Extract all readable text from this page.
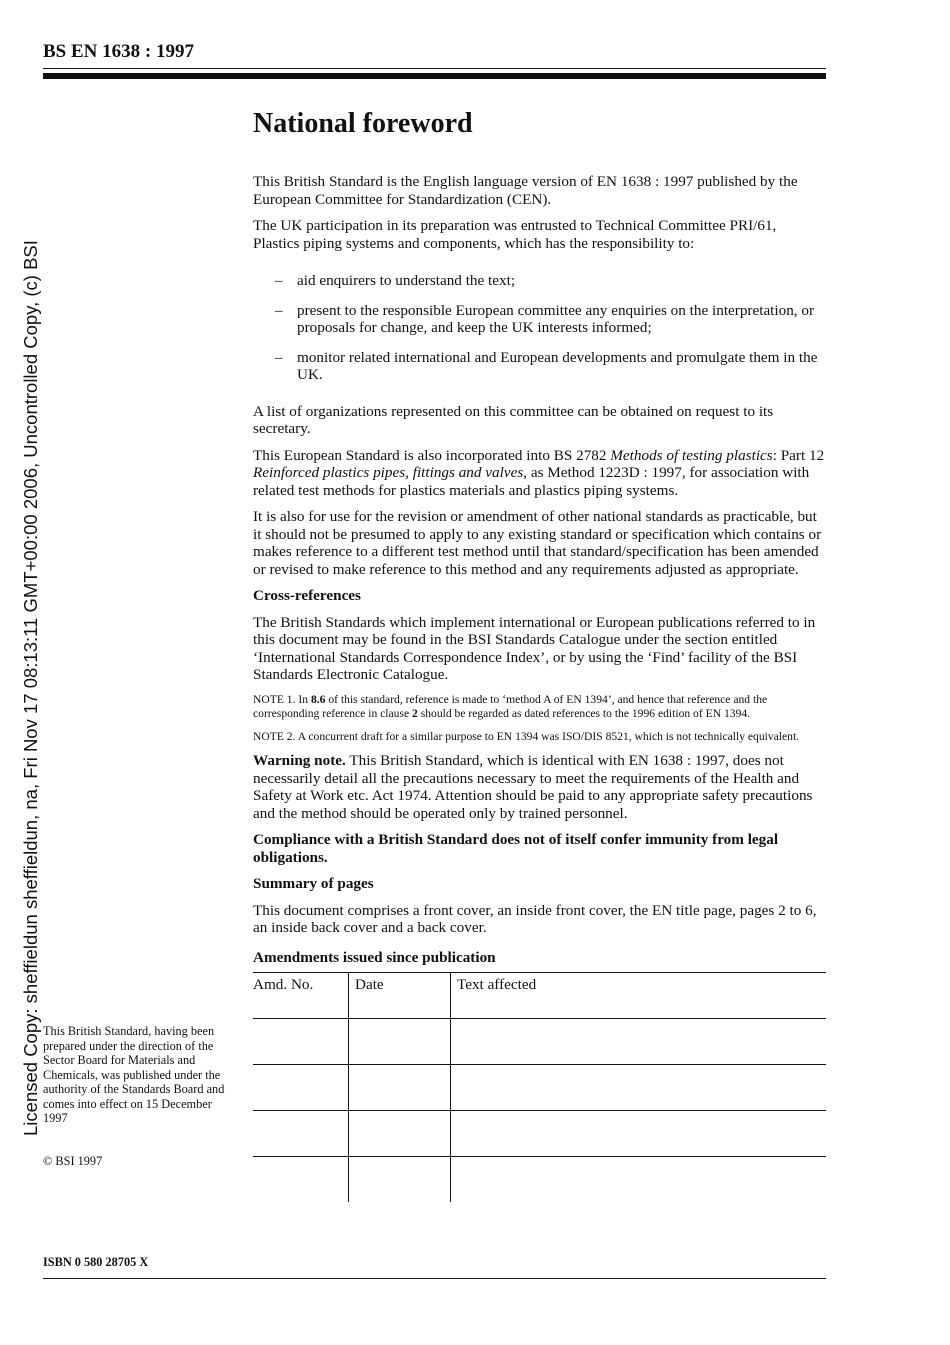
BS EN 1638 : 1997
Licensed Copy: sheffieldun sheffieldun, na, Fri Nov 17 08:13:11 GMT+00:00 2006, Uncontrolled Copy, (c) BSI
National foreword

This British Standard is the English language version of EN 1638 : 1997 published by the European Committee for Standardization (CEN).

The UK participation in its preparation was entrusted to Technical Committee PRI/61, Plastics piping systems and components, which has the responsibility to:

– aid enquirers to understand the text;
– present to the responsible European committee any enquiries on the interpretation, or proposals for change, and keep the UK interests informed;
– monitor related international and European developments and promulgate them in the UK.

A list of organizations represented on this committee can be obtained on request to its secretary.

This European Standard is also incorporated into BS 2782 Methods of testing plastics: Part 12 Reinforced plastics pipes, fittings and valves, as Method 1223D : 1997, for association with related test methods for plastics materials and plastics piping systems.

It is also for use for the revision or amendment of other national standards as practicable, but it should not be presumed to apply to any existing standard or specification which contains or makes reference to a different test method until that standard/specification has been amended or revised to make reference to this method and any requirements adjusted as appropriate.

Cross-references

The British Standards which implement international or European publications referred to in this document may be found in the BSI Standards Catalogue under the section entitled ‘International Standards Correspondence Index’, or by using the ‘Find’ facility of the BSI Standards Electronic Catalogue.

NOTE 1. In 8.6 of this standard, reference is made to ‘method A of EN 1394’, and hence that reference and the corresponding reference in clause 2 should be regarded as dated references to the 1996 edition of EN 1394.

NOTE 2. A concurrent draft for a similar purpose to EN 1394 was ISO/DIS 8521, which is not technically equivalent.

Warning note. This British Standard, which is identical with EN 1638 : 1997, does not necessarily detail all the precautions necessary to meet the requirements of the Health and Safety at Work etc. Act 1974. Attention should be paid to any appropriate safety precautions and the method should be operated only by trained personnel.

Compliance with a British Standard does not of itself confer immunity from legal obligations.

Summary of pages

This document comprises a front cover, an inside front cover, the EN title page, pages 2 to 6, an inside back cover and a back cover.

Amendments issued since publication

Amd. No.	Date	Text affected

This British Standard, having been prepared under the direction of the Sector Board for Materials and Chemicals, was published under the authority of the Standards Board and comes into effect on 15 December 1997
© BSI 1997
ISBN 0 580 28705 X
